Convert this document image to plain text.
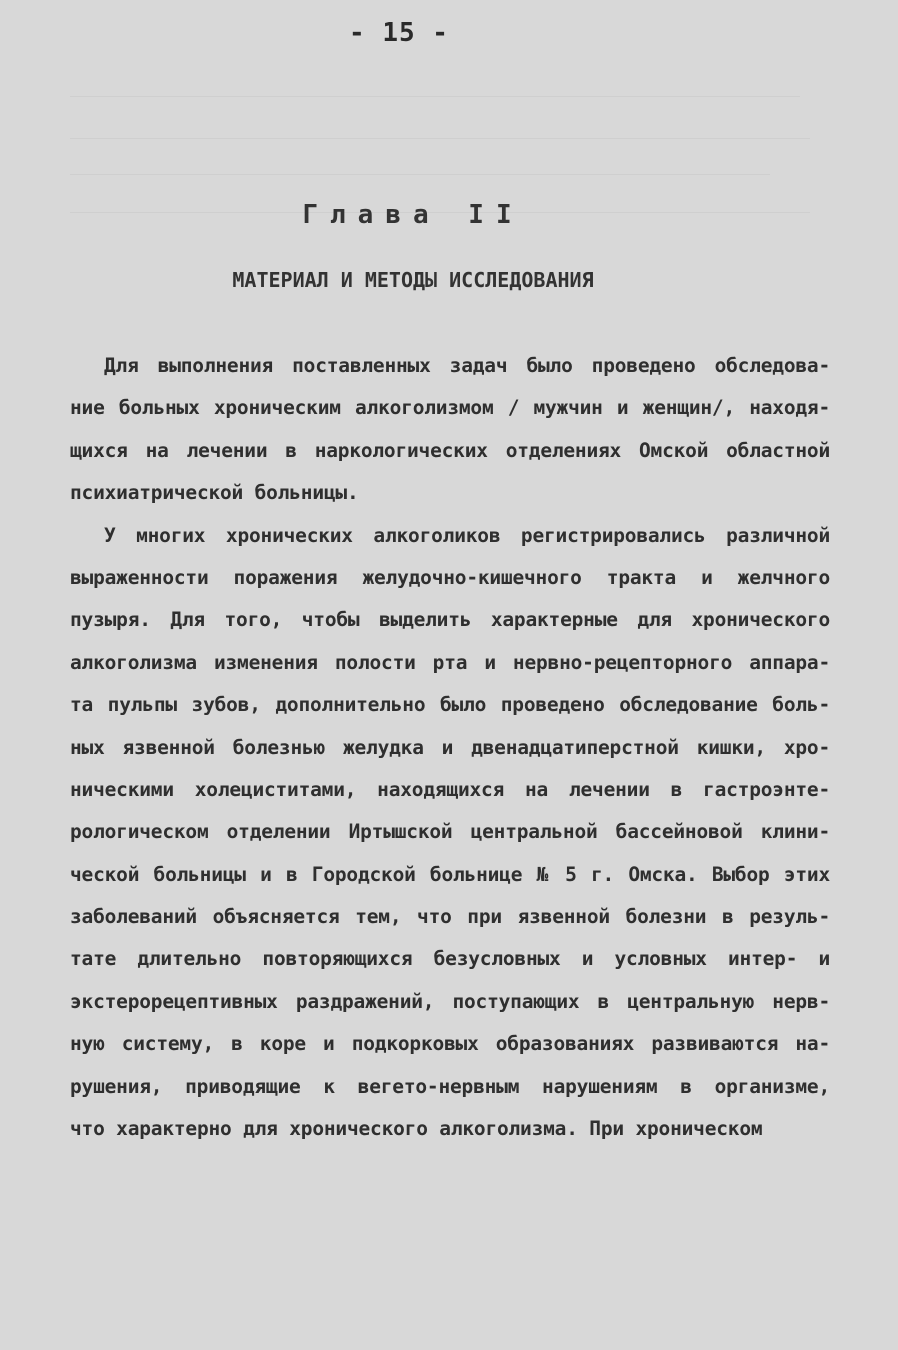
- 15 -
Глава II
МАТЕРИАЛ И МЕТОДЫ ИССЛЕДОВАНИЯ
Для выполнения поставленных задач было проведено обследова-
ние больных хроническим алкоголизмом / мужчин и женщин/, находя-
щихся на лечении в наркологических отделениях Омской областной
психиатрической больницы.
У многих хронических алкоголиков регистрировались различной
выраженности поражения желудочно-кишечного тракта и желчного
пузыря. Для того, чтобы выделить характерные для хронического
алкоголизма изменения полости рта и нервно-рецепторного аппара-
та пульпы зубов, дополнительно было проведено обследование боль-
ных язвенной болезнью желудка и двенадцатиперстной кишки, хро-
ническими холециститами, находящихся на лечении в гастроэнте-
рологическом отделении Иртышской центральной бассейновой клини-
ческой больницы и в Городской больнице № 5 г. Омска. Выбор этих
заболеваний объясняется тем, что при язвенной болезни в резуль-
тате длительно повторяющихся безусловных и условных интер- и
экстерорецептивных раздражений, поступающих в центральную нерв-
ную систему, в коре и подкорковых образованиях развиваются на-
рушения, приводящие к вегето-нервным нарушениям в организме,
что характерно для хронического алкоголизма. При хроническом
